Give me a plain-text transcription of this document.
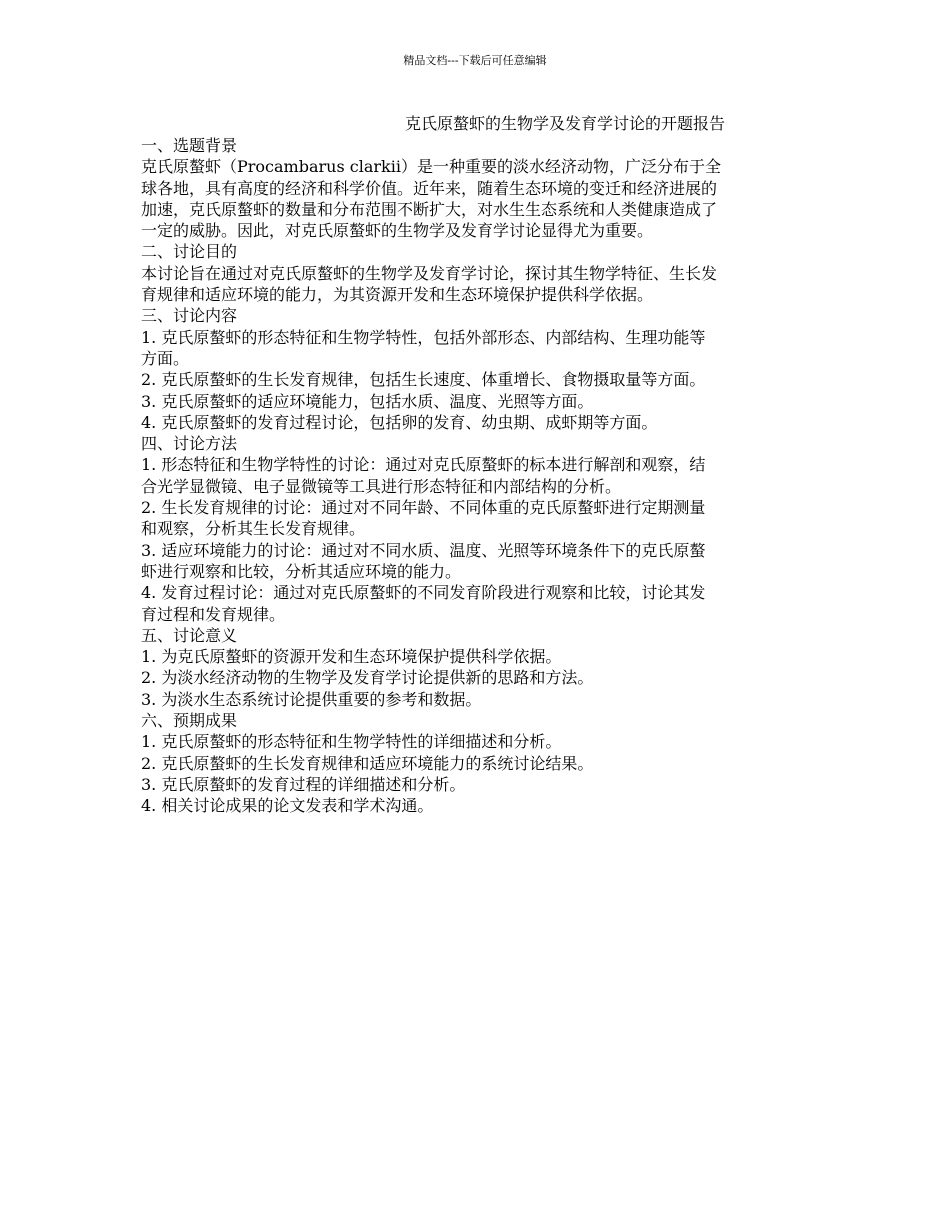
精品文档---下载后可任意编辑
克氏原螯虾的生物学及发育学讨论的开题报告
一、选题背景
克氏原螯虾（Procambarus clarkii）是一种重要的淡水经济动物，广泛分布于全
球各地，具有高度的经济和科学价值。近年来，随着生态环境的变迁和经济进展的
加速，克氏原螯虾的数量和分布范围不断扩大，对水生生态系统和人类健康造成了
一定的威胁。因此，对克氏原螯虾的生物学及发育学讨论显得尤为重要。
二、讨论目的
本讨论旨在通过对克氏原螯虾的生物学及发育学讨论，探讨其生物学特征、生长发
育规律和适应环境的能力，为其资源开发和生态环境保护提供科学依据。
三、讨论内容
1. 克氏原螯虾的形态特征和生物学特性，包括外部形态、内部结构、生理功能等
方面。
2. 克氏原螯虾的生长发育规律，包括生长速度、体重增长、食物摄取量等方面。
3. 克氏原螯虾的适应环境能力，包括水质、温度、光照等方面。
4. 克氏原螯虾的发育过程讨论，包括卵的发育、幼虫期、成虾期等方面。
四、讨论方法
1. 形态特征和生物学特性的讨论：通过对克氏原螯虾的标本进行解剖和观察，结
合光学显微镜、电子显微镜等工具进行形态特征和内部结构的分析。
2. 生长发育规律的讨论：通过对不同年龄、不同体重的克氏原螯虾进行定期测量
和观察，分析其生长发育规律。
3. 适应环境能力的讨论：通过对不同水质、温度、光照等环境条件下的克氏原螯
虾进行观察和比较，分析其适应环境的能力。
4. 发育过程讨论：通过对克氏原螯虾的不同发育阶段进行观察和比较，讨论其发
育过程和发育规律。
五、讨论意义
1. 为克氏原螯虾的资源开发和生态环境保护提供科学依据。
2. 为淡水经济动物的生物学及发育学讨论提供新的思路和方法。
3. 为淡水生态系统讨论提供重要的参考和数据。
六、预期成果
1. 克氏原螯虾的形态特征和生物学特性的详细描述和分析。
2. 克氏原螯虾的生长发育规律和适应环境能力的系统讨论结果。
3. 克氏原螯虾的发育过程的详细描述和分析。
4. 相关讨论成果的论文发表和学术沟通。
